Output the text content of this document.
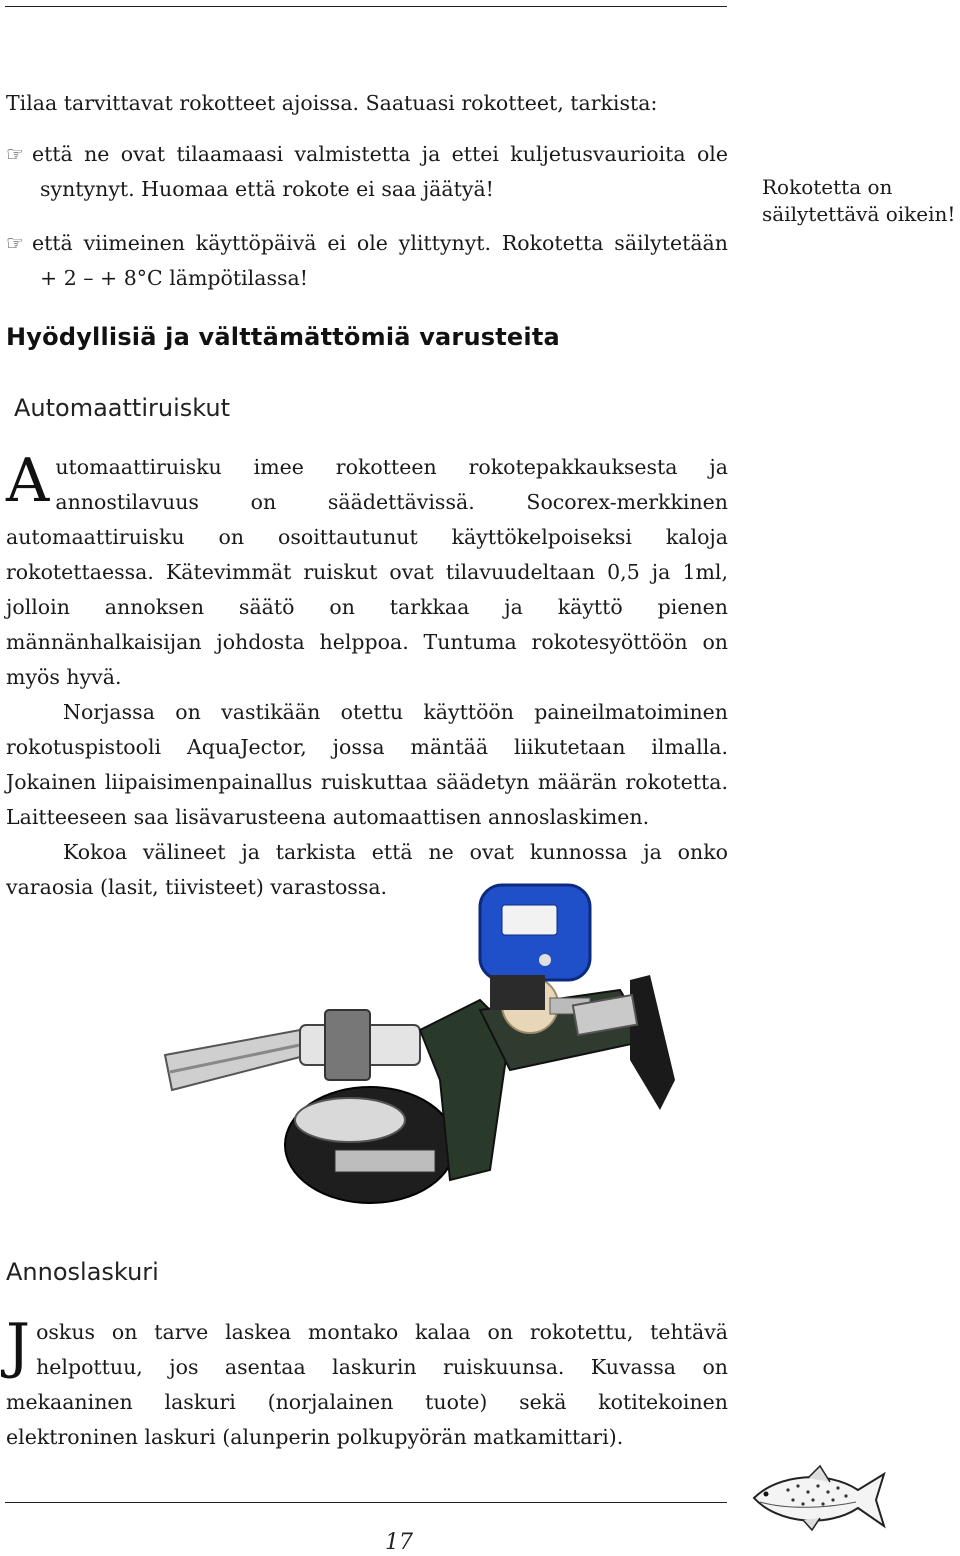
Tilaa tarvittavat rokotteet ajoissa. Saatuasi rokotteet, tarkista:

☞ että ne ovat tilaamaasi valmistetta ja ettei kuljetusvaurioita ole

syntynyt. Huomaa että rokote ei saa jäätyä!

☞ että viimeinen käyttöpäivä ei ole ylittynyt. Rokotetta säilytetään

+ 2 – + 8°C lämpötilassa!

Rokotetta on

säilytettävä oikein!

Hyödyllisiä ja välttämättömiä varusteita
Automaattiruiskut
A utomaattiruisku imee rokotteen rokotepakkauksesta ja

annostilavuus on säädettävissä. Socorex-merkkinen

automaattiruisku on osoittautunut käyttökelpoiseksi kaloja

rokotettaessa. Kätevimmät ruiskut ovat tilavuudeltaan 0,5 ja 1ml,

jolloin annoksen säätö on tarkkaa ja käyttö pienen

männänhalkaisijan johdosta helppoa. Tuntuma rokotesyöttöön on

myös hyvä.

Norjassa on vastikään otettu käyttöön paineilmatoiminen

rokotuspistooli AquaJector, jossa mäntää liikutetaan ilmalla.

Jokainen liipaisimenpainallus ruiskuttaa säädetyn määrän rokotetta.

Laitteeseen saa lisävarusteena automaattisen annoslaskimen.

Kokoa välineet ja tarkista että ne ovat kunnossa ja onko

varaosia (lasit, tiivisteet) varastossa.

Annoslaskuri
J oskus on tarve laskea montako kalaa on rokotettu, tehtävä

helpottuu, jos asentaa laskurin ruiskuunsa. Kuvassa on

mekaaninen laskuri (norjalainen tuote) sekä kotitekoinen

elektroninen laskuri (alunperin polkupyörän matkamittari).

17
